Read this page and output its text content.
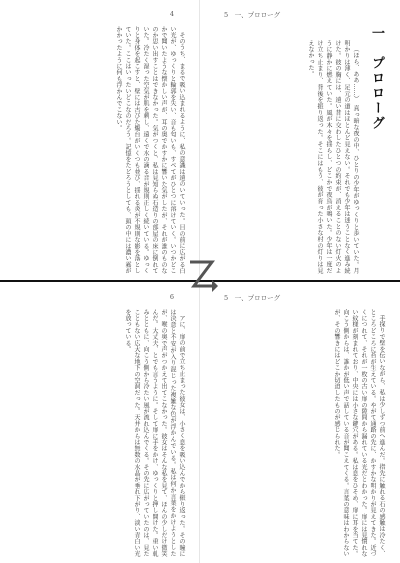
4

そのうち、まるで吸い込まれるように、私の意識は遠のいていった。目の前に広がる白い光が、ゆっくりと輪郭を失い、音も匂いも、すべてがひとつに溶けていく。いつかどこかで聞いたような懐かしい声が、耳の奥でかすかに響いた気がしたが、それが誰のものなのか思い出すことはできなかった。気がつくと、私は見知らぬ石造りの部屋の床に倒れていた。冷たく湿った空気が肌を刺し、遠くで水の滴る音が規則正しく続いている。ゆっくりと身体を起こすと、壁には古びた燭台がいくつも並び、揺れる炎が不規則な影を落としていた。ここはいったいどこなのだろう。記憶をたどろうとしても、頭の中には濃い霧がかかったように何も浮かんでこない。

5　一、プロローグ
一　プロローグ

（ほら、ああ……）　真っ暗な夜の中、ひとりの少年がゆっくりと歩いていた。月明かりは薄く、足元の道はほとんど見えない。それでも少年は迷うことなく進み続けた。彼の胸には、遠い昔に交わしたひとつの約束が、消えることのない灯火のように静かに燃えていた。風が木々を揺らし、どこかで夜鳥が鳴いた。少年は一度だけ立ち止まり、背後を振り返った。そこにはもう、彼が育った小さな村の灯りは見えなかった。

6

アに、扉の前で立ち止まった彼女は、小さく息を吸い込んでから振り返った。その瞳には決意と不安が入り混じった複雑な色が浮かんでいる。私は何か言葉をかけようとしたが、喉の奥で声がつかえて出てこなかった。彼女はそんな私を見て、ほんの少しだけ微笑んだ。大丈夫、とでも言うように。そして扉に手をかけ、ゆっくりと押し開けた。重い軋みとともに、向こう側から冷たい風が流れ込んでくる。その先に広がっていたのは、見たこともない広大な地下の空洞だった。天井からは無数の水晶が垂れ下がり、淡い青白い光を放っている。

5　一、プロローグ

手探りで壁を伝いながら、私は少しずつ前へ進んだ。指先に触れる石の感触は冷たく、ところどころに苔が生えている。やがて通路の先に、かすかな明かりが見えてきた。近づくにつれて、それが一枚の古い扉の隙間から漏れている光だとわかった。扉には見慣れない紋様が刻まれており、中央には小さな鍵穴がある。私は息をひそめ、扉に耳を当てた。向こう側からは、誰かが低い声で話している音が聞こえてくる。言葉の意味はわからないが、その響きにはどこか切迫したものが感じられた。
